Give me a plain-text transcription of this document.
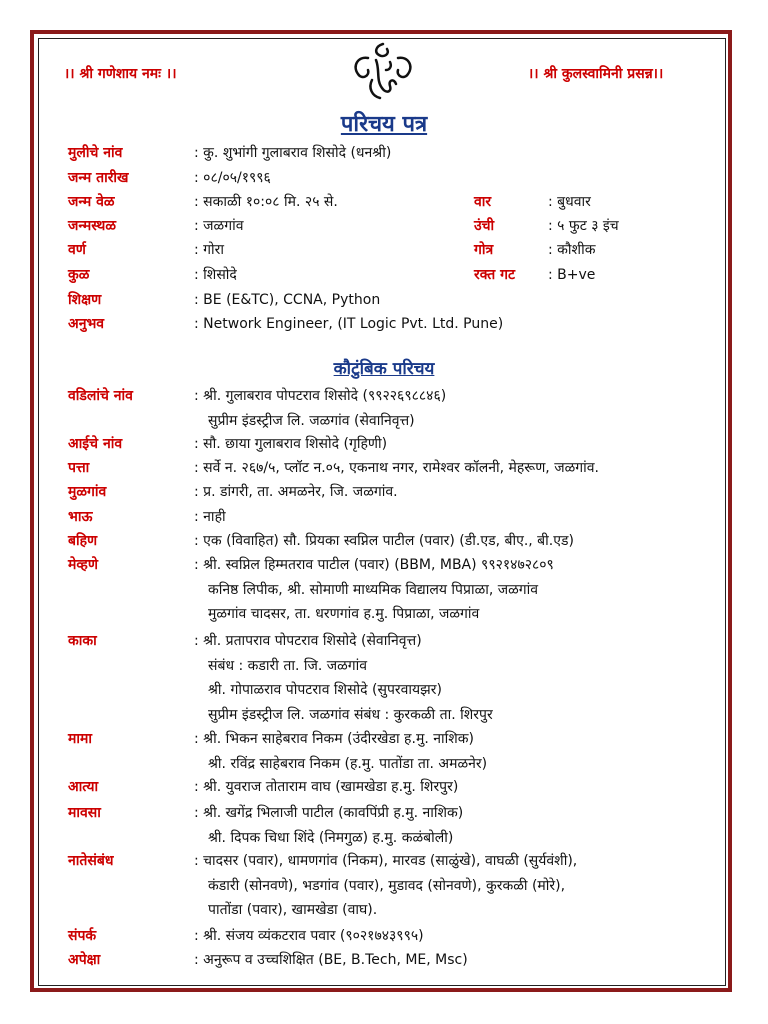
।। श्री गणेशाय नमः ।।	।। श्री कुलस्वामिनी प्रसन्न।।
परिचय पत्र
मुलीचे नांव	: कु. शुभांगी गुलाबराव शिसोदे (धनश्री)
जन्म तारीख	: ०८/०५/१९९६
जन्म वेळ	: सकाळी १०:०८ मि. २५ से.	वार	: बुधवार
जन्मस्थळ	: जळगांव	उंची	: ५ फुट ३ इंच
वर्ण	: गोरा	गोत्र	: कौशीक
कुळ	: शिसोदे	रक्त गट : B+ve
शिक्षण	: BE (E&TC), CCNA, Python
अनुभव	: Network Engineer, (IT Logic Pvt. Ltd. Pune)
कौटुंबिक परिचय
वडिलांचे नांव	: श्री. गुलाबराव पोपटराव शिसोदे (९९२२६९८८४६)
सुप्रीम इंडस्ट्रीज लि. जळगांव (सेवानिवृत्त)
आईचे नांव	: सौ. छाया गुलाबराव शिसोदे (गृहिणी)
पत्ता	: सर्वे न. २६७/५, प्लॉट न.०५, एकनाथ नगर, रामेश्वर कॉलनी, मेहरूण, जळगांव.
मुळगांव	: प्र. डांगरी, ता. अमळनेर, जि. जळगांव.
भाऊ	: नाही
बहिण	: एक (विवाहित) सौ. प्रियका स्वप्निल पाटील (पवार) (डी.एड, बीए., बी.एड)
मेव्हणे	: श्री. स्वप्निल हिम्मतराव पाटील (पवार) (BBM, MBA) ९९२१४७२८०९
कनिष्ठ लिपीक, श्री. सोमाणी माध्यमिक विद्यालय पिप्राळा, जळगांव
मुळगांव चादसर, ता. धरणगांव ह.मु. पिप्राळा, जळगांव
काका	: श्री. प्रतापराव पोपटराव शिसोदे (सेवानिवृत्त)
संबंध : कडारी ता. जि. जळगांव
श्री. गोपाळराव पोपटराव शिसोदे (सुपरवायझर)
सुप्रीम इंडस्ट्रीज लि. जळगांव संबंध : कुरकळी ता. शिरपुर
मामा	: श्री. भिकन साहेबराव निकम (उंदीरखेडा ह.मु. नाशिक)
श्री. रविंद्र साहेबराव निकम (ह.मु. पातोंडा ता. अमळनेर)
आत्या	: श्री. युवराज तोताराम वाघ (खामखेडा ह.मु. शिरपुर)
मावसा	: श्री. खगेंद्र भिलाजी पाटील (कावपिंप्री ह.मु. नाशिक)
श्री. दिपक चिधा शिंदे (निमगुळ) ह.मु. कळंबोली)
नातेसंबंध	: चादसर (पवार), धामणगांव (निकम), मारवड (साळुंखे), वाघळी (सुर्यवंशी),
कंडारी (सोनवणे), भडगांव (पवार), मुडावद (सोनवणे), कुरकळी (मोरे),
पातोंडा (पवार), खामखेडा (वाघ).
संपर्क	: श्री. संजय व्यंकटराव पवार (९०२१७४३९९५)
अपेक्षा	: अनुरूप व उच्चशिक्षित (BE, B.Tech, ME, Msc)
